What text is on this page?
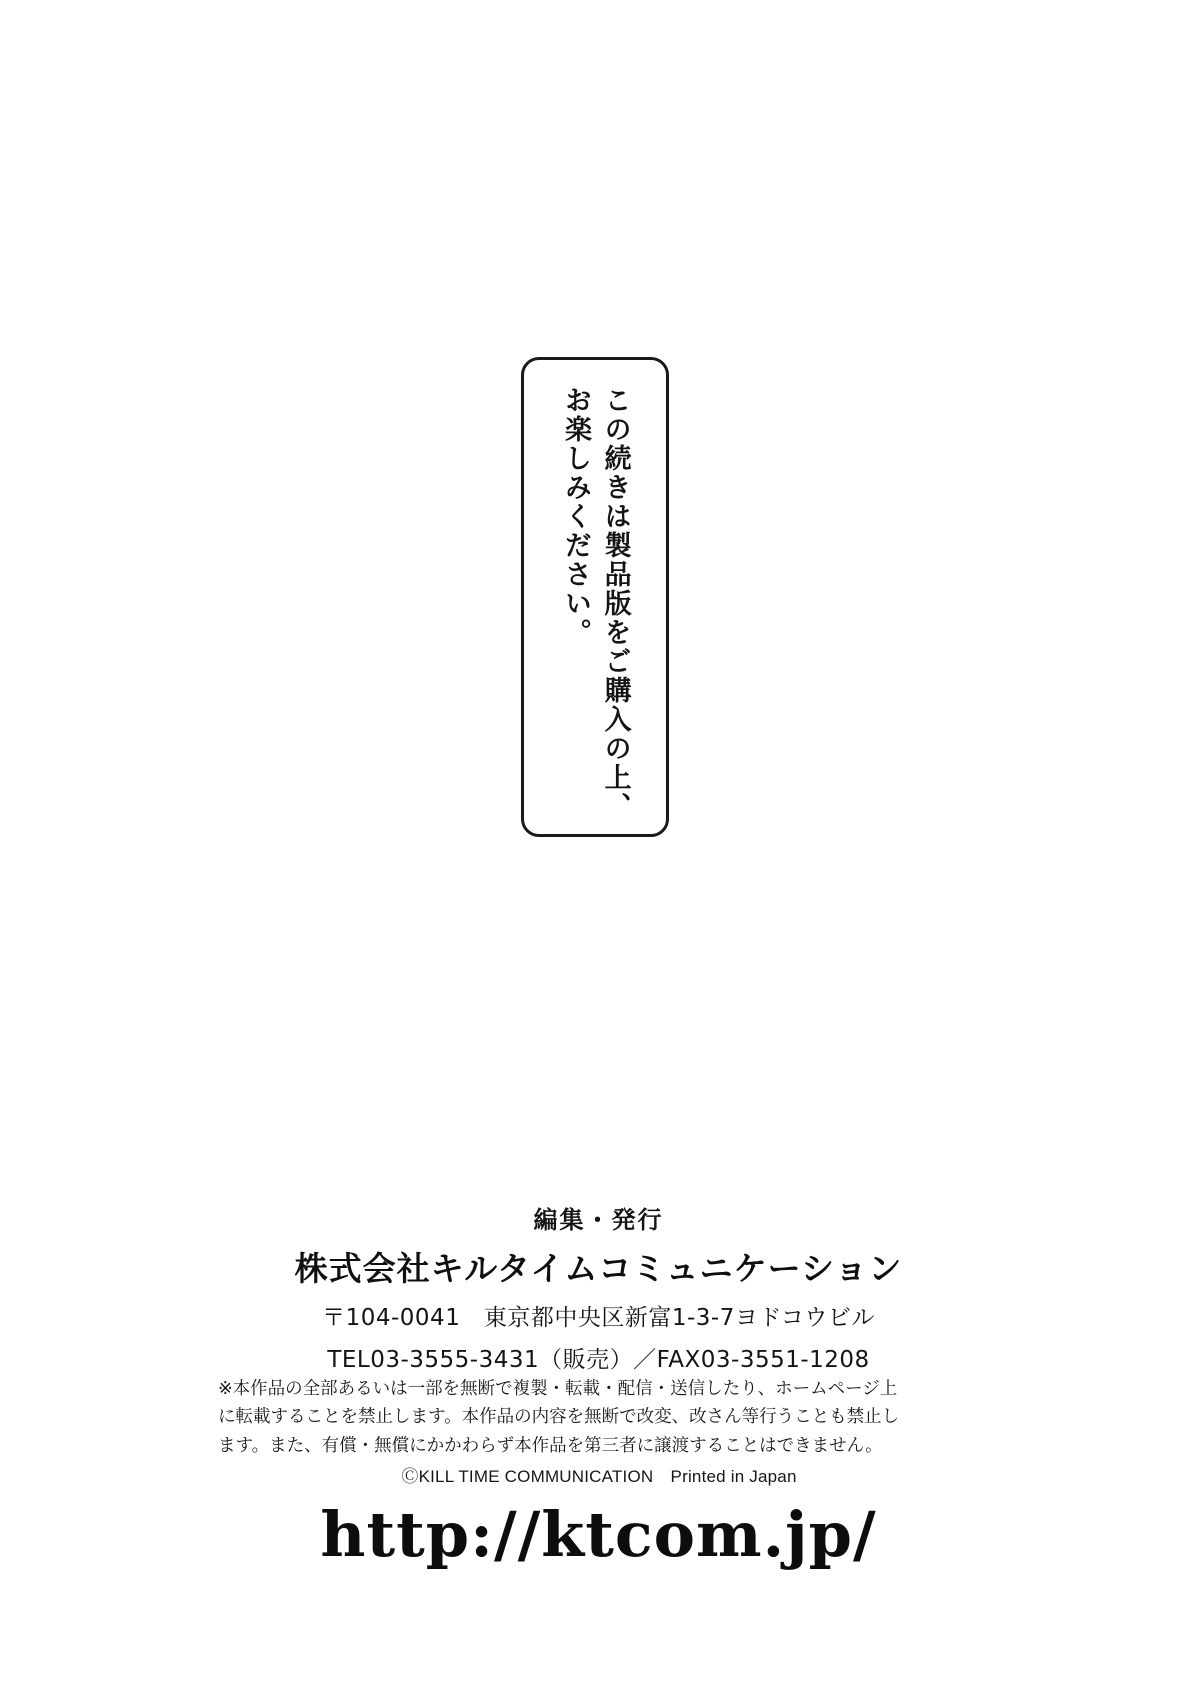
この続きは製品版をご購入の上、
お楽しみください。
編集・発行
株式会社キルタイムコミュニケーション
〒104-0041　東京都中央区新富1-3-7ヨドコウビル
TEL03-3555-3431（販売）／FAX03-3551-1208
※本作品の全部あるいは一部を無断で複製・転載・配信・送信したり、ホームページ上
に転載することを禁止します。本作品の内容を無断で改変、改さん等行うことも禁止し
ます。また、有償・無償にかかわらず本作品を第三者に譲渡することはできません。
ⒸKILL TIME COMMUNICATION　Printed in Japan
http://ktcom.jp/
